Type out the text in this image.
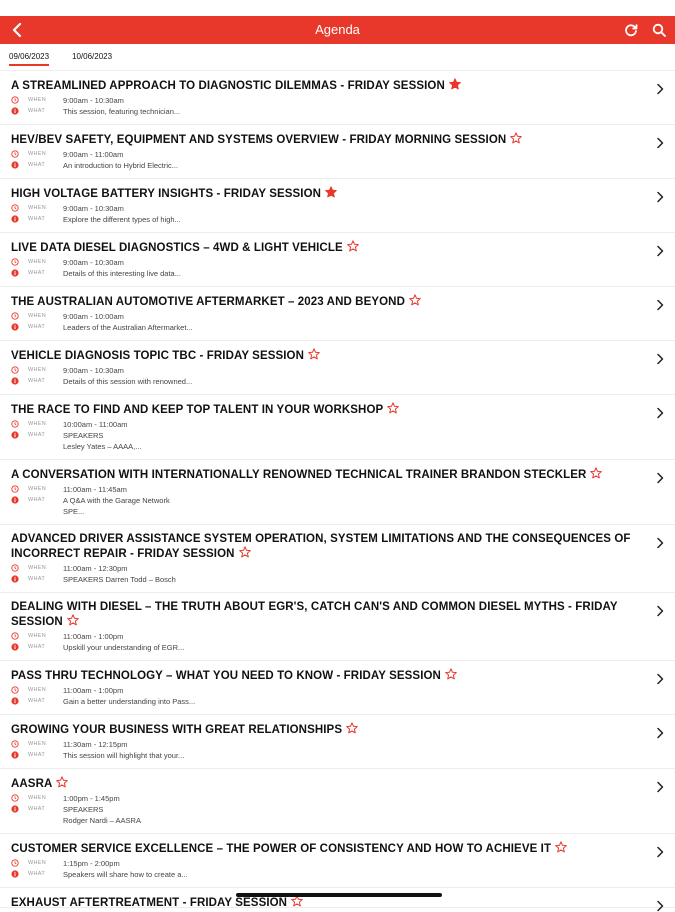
Agenda
09/06/2023	10/06/2023
A STREAMLINED APPROACH TO DIAGNOSTIC DILEMMAS - FRIDAY SESSION
WHEN 9:00am - 10:30am
WHAT This session, featuring technician...
HEV/BEV SAFETY, EQUIPMENT AND SYSTEMS OVERVIEW - FRIDAY MORNING SESSION
WHEN 9:00am - 11:00am
WHAT An introduction to Hybrid Electric...
HIGH VOLTAGE BATTERY INSIGHTS - FRIDAY SESSION
WHEN 9:00am - 10:30am
WHAT Explore the different types of high...
LIVE DATA DIESEL DIAGNOSTICS – 4WD & LIGHT VEHICLE
WHEN 9:00am - 10:30am
WHAT Details of this interesting live data...
THE AUSTRALIAN AUTOMOTIVE AFTERMARKET – 2023 AND BEYOND
WHEN 9:00am - 10:00am
WHAT Leaders of the Australian Aftermarket...
VEHICLE DIAGNOSIS TOPIC TBC - FRIDAY SESSION
WHEN 9:00am - 10:30am
WHAT Details of this session with renowned...
THE RACE TO FIND AND KEEP TOP TALENT IN YOUR WORKSHOP
WHEN 10:00am - 11:00am
WHAT SPEAKERS
Lesley Yates – AAAA,...
A CONVERSATION WITH INTERNATIONALLY RENOWNED TECHNICAL TRAINER BRANDON STECKLER
WHEN 11:00am - 11:45am
WHAT A Q&A with the Garage Network
SPE...
ADVANCED DRIVER ASSISTANCE SYSTEM OPERATION, SYSTEM LIMITATIONS AND THE CONSEQUENCES OF INCORRECT REPAIR - FRIDAY SESSION
WHEN 11:00am - 12:30pm
WHAT SPEAKERS Darren Todd – Bosch
DEALING WITH DIESEL – THE TRUTH ABOUT EGR'S, CATCH CAN'S AND COMMON DIESEL MYTHS - FRIDAY SESSION
WHEN 11:00am - 1:00pm
WHAT Upskill your understanding of EGR...
PASS THRU TECHNOLOGY – WHAT YOU NEED TO KNOW - FRIDAY SESSION
WHEN 11:00am - 1:00pm
WHAT Gain a better understanding into Pass...
GROWING YOUR BUSINESS WITH GREAT RELATIONSHIPS
WHEN 11:30am - 12:15pm
WHAT This session will highlight that your...
AASRA
WHEN 1:00pm - 1:45pm
WHAT SPEAKERS
Rodger Nardi – AASRA
CUSTOMER SERVICE EXCELLENCE – THE POWER OF CONSISTENCY AND HOW TO ACHIEVE IT
WHEN 1:15pm - 2:00pm
WHAT Speakers will share how to create a...
EXHAUST AFTERTREATMENT - FRIDAY SESSION
